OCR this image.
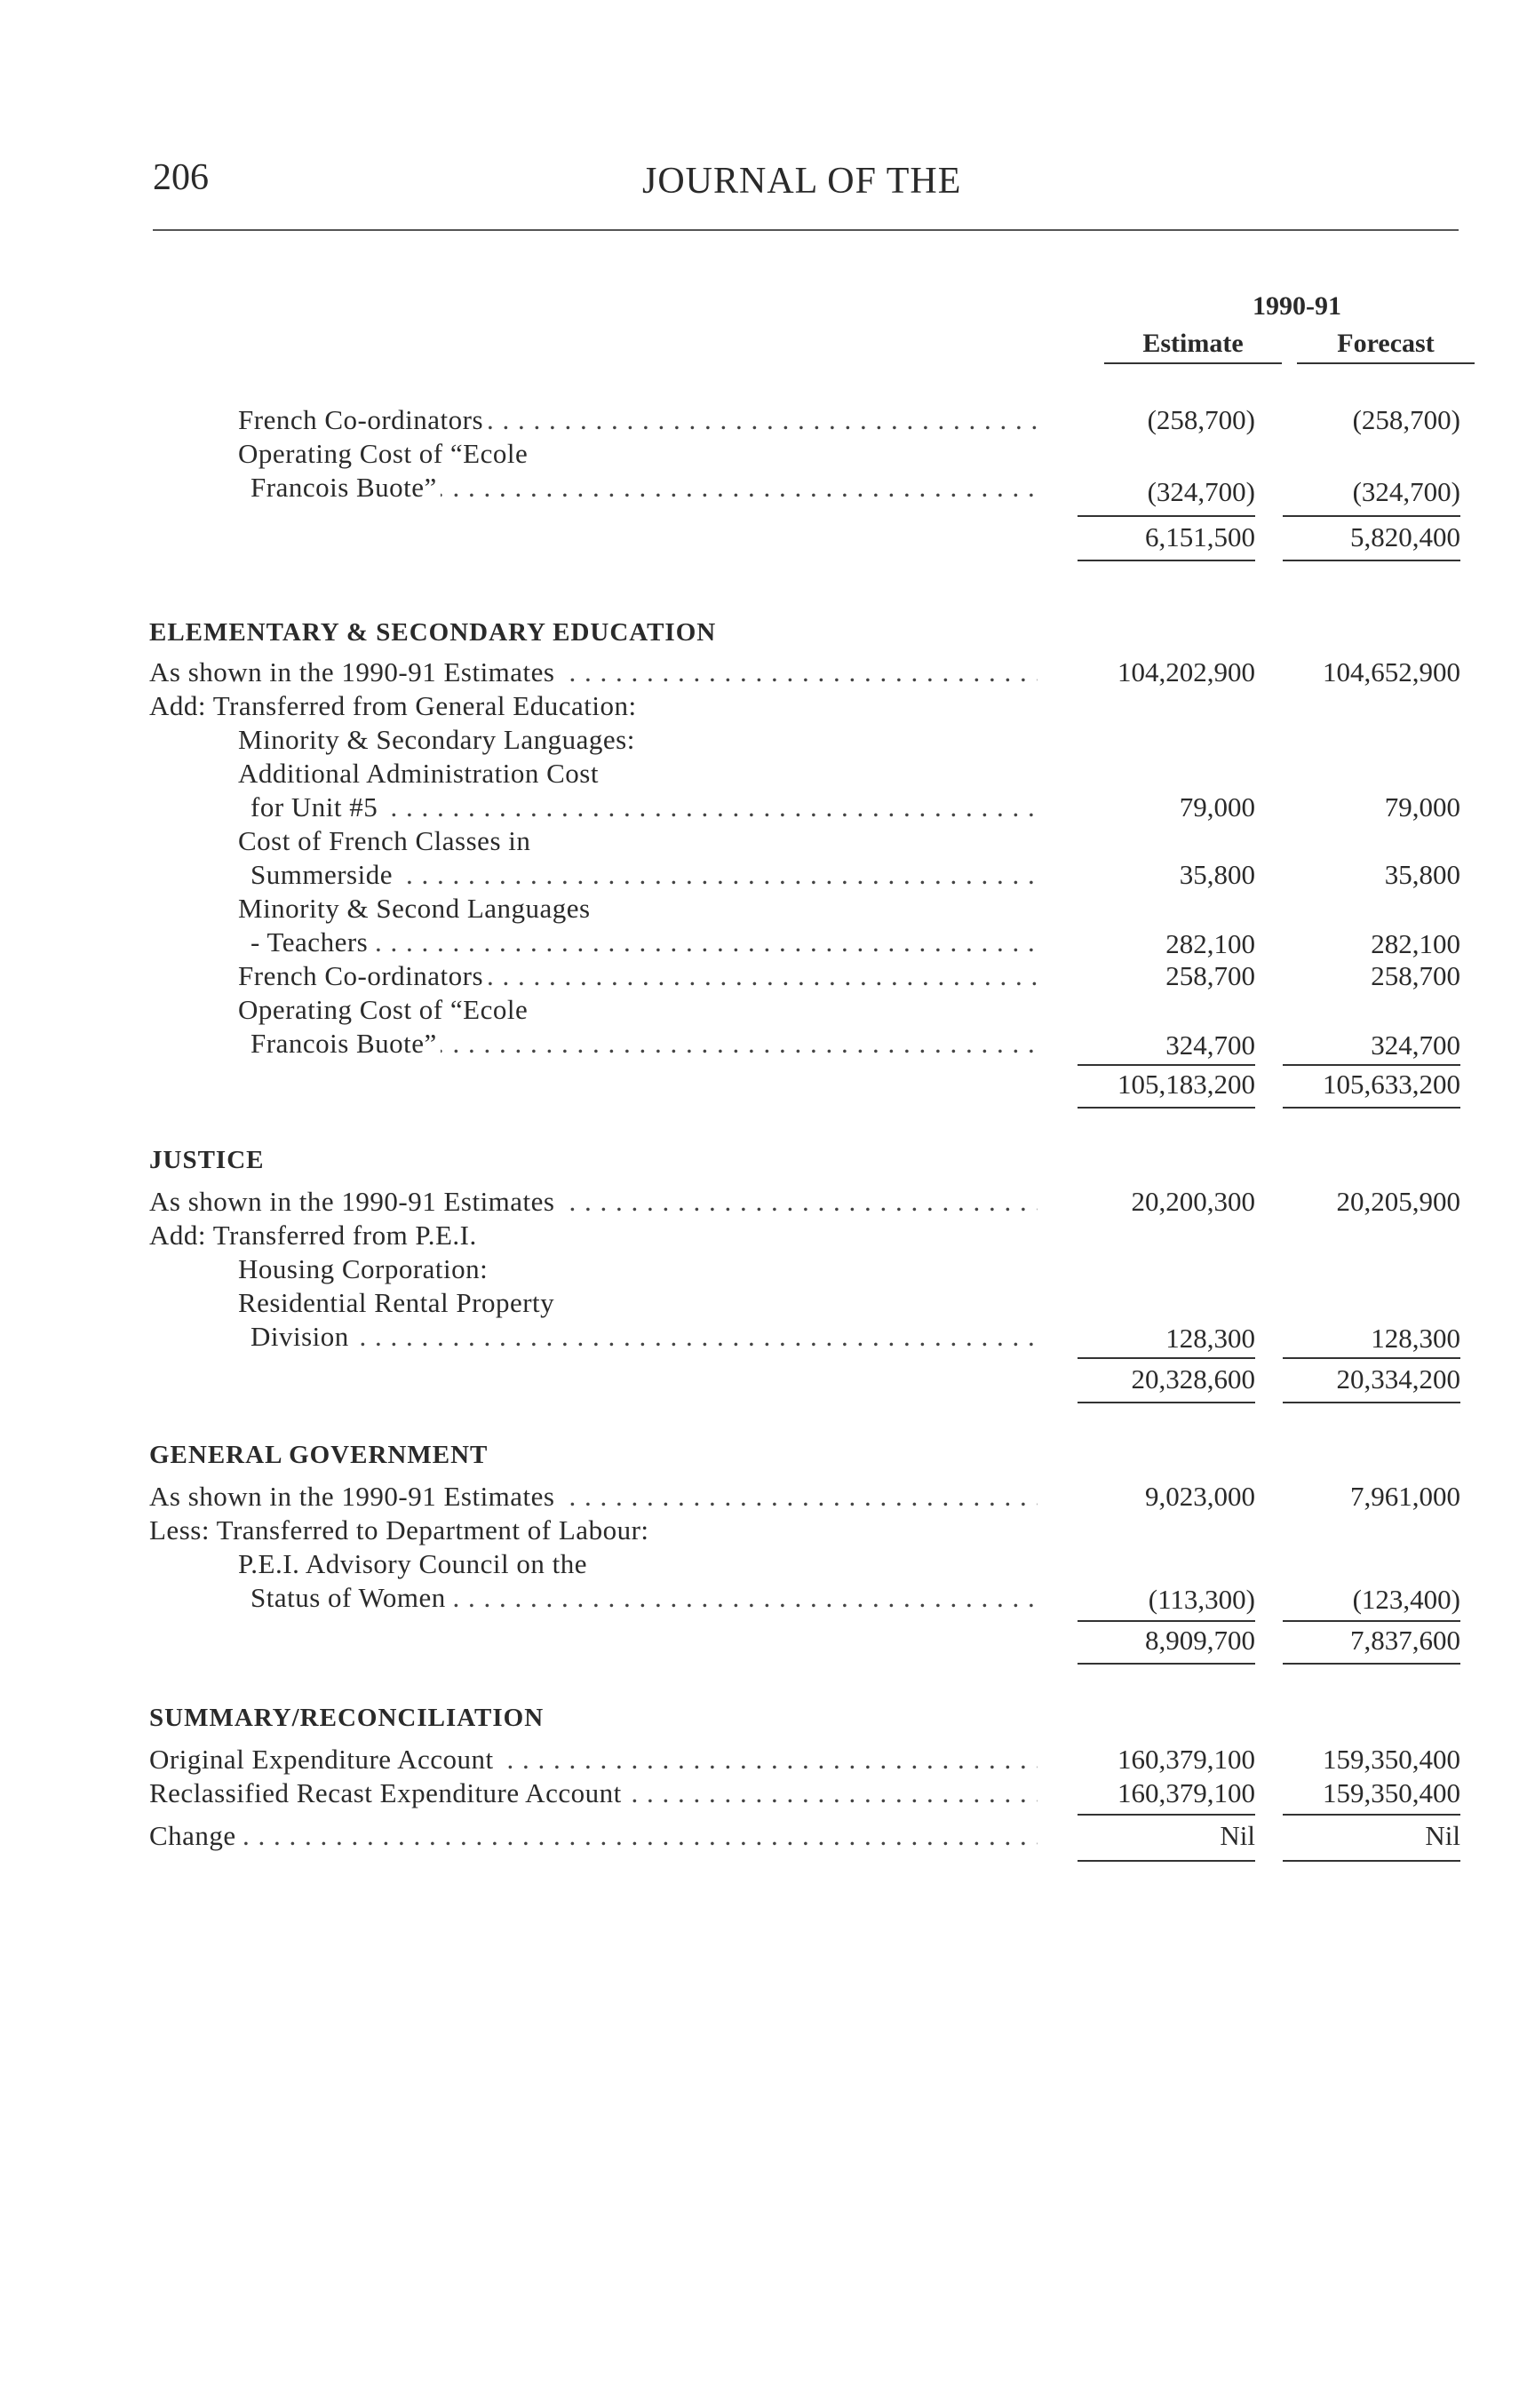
206	JOURNAL OF THE
1990-91
Estimate	Forecast
French Co-ordinators . . .	(258,700)	(258,700)
Operating Cost of “Ecole
Francois Buote” . . .	(324,700)	(324,700)
6,151,500	5,820,400
ELEMENTARY & SECONDARY EDUCATION
As shown in the 1990-91 Estimates . . .	104,202,900	104,652,900
Add: Transferred from General Education:
Minority & Secondary Languages:
Additional Administration Cost
for Unit #5 . . .	79,000	79,000
Cost of French Classes in
Summerside . . .	35,800	35,800
Minority & Second Languages
- Teachers . . .	282,100	282,100
French Co-ordinators . . .	258,700	258,700
Operating Cost of “Ecole
Francois Buote” . . .	324,700	324,700
105,183,200	105,633,200
JUSTICE
As shown in the 1990-91 Estimates . . .	20,200,300	20,205,900
Add: Transferred from P.E.I.
Housing Corporation:
Residential Rental Property
Division . . .	128,300	128,300
20,328,600	20,334,200
GENERAL GOVERNMENT
As shown in the 1990-91 Estimates . . .	9,023,000	7,961,000
Less: Transferred to Department of Labour:
P.E.I. Advisory Council on the
Status of Women . . .	(113,300)	(123,400)
8,909,700	7,837,600
SUMMARY/RECONCILIATION
Original Expenditure Account . . .	160,379,100	159,350,400
Reclassified Recast Expenditure Account . . .	160,379,100	159,350,400
Change . . .	Nil	Nil
